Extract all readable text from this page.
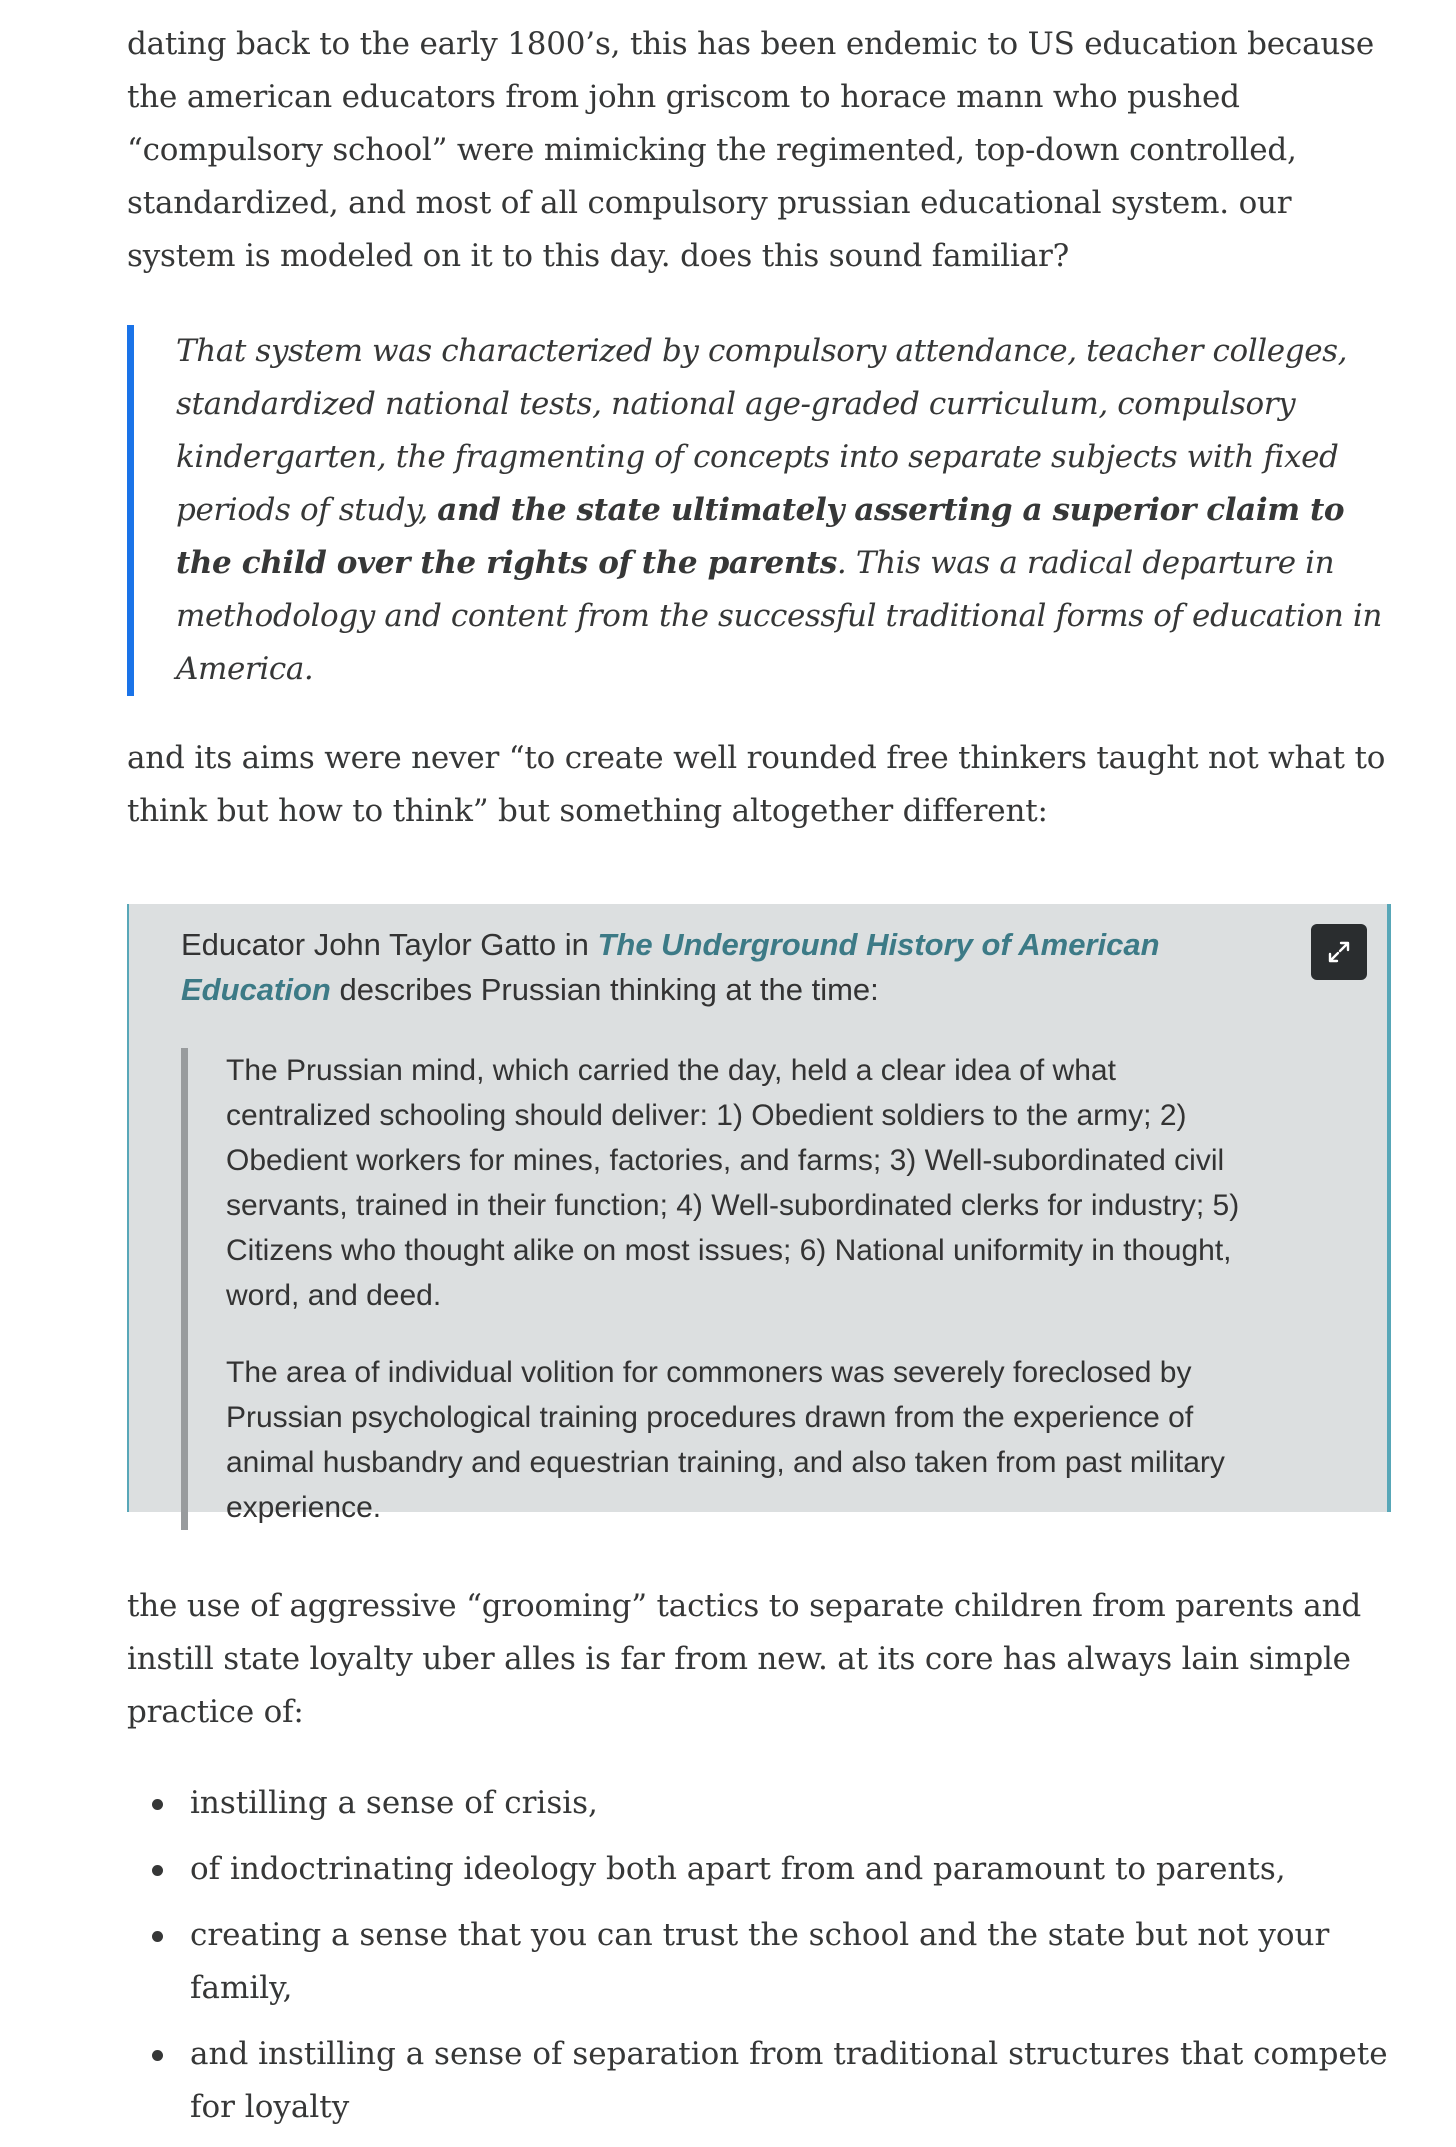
dating back to the early 1800’s, this has been endemic to US education because the american educators from john griscom to horace mann who pushed “compulsory school” were mimicking the regimented, top-down controlled, standardized, and most of all compulsory prussian educational system. our system is modeled on it to this day. does this sound familiar?

That system was characterized by compulsory attendance, teacher colleges, standardized national tests, national age-graded curriculum, compulsory kindergarten, the fragmenting of concepts into separate subjects with fixed periods of study, and the state ultimately asserting a superior claim to the child over the rights of the parents. This was a radical departure in methodology and content from the successful traditional forms of education in America.

and its aims were never “to create well rounded free thinkers taught not what to think but how to think” but something altogether different:

Educator John Taylor Gatto in The Underground History of American Education describes Prussian thinking at the time:

The Prussian mind, which carried the day, held a clear idea of what centralized schooling should deliver: 1) Obedient soldiers to the army; 2) Obedient workers for mines, factories, and farms; 3) Well-subordinated civil servants, trained in their function; 4) Well-subordinated clerks for industry; 5) Citizens who thought alike on most issues; 6) National uniformity in thought, word, and deed.

The area of individual volition for commoners was severely foreclosed by Prussian psychological training procedures drawn from the experience of animal husbandry and equestrian training, and also taken from past military experience.

the use of aggressive “grooming” tactics to separate children from parents and instill state loyalty uber alles is far from new. at its core has always lain simple practice of:

instilling a sense of crisis,
of indoctrinating ideology both apart from and paramount to parents,
creating a sense that you can trust the school and the state but not your family,
and instilling a sense of separation from traditional structures that compete for loyalty
